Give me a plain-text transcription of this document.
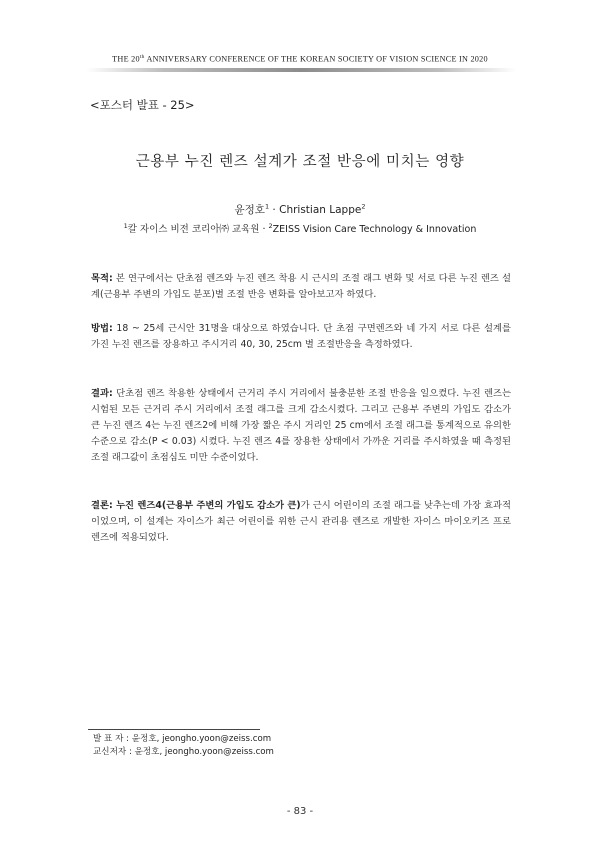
THE 20th ANNIVERSARY CONFERENCE OF THE KOREAN SOCIETY OF VISION SCIENCE IN 2020
<포스터 발표 - 25>
근용부 누진 렌즈 설계가 조절 반응에 미치는 영향
윤정호$^1$ · Christian Lappe$^2$
$^1$칼 자이스 비전 코리아㈜ 교육원 · $^2$ZEISS Vision Care Technology & Innovation
목적: 본 연구에서는 단초점 렌즈와 누진 렌즈 착용 시 근시의 조절 래그 변화 및 서로 다른 누진 렌즈 설계(근용부 주변의 가입도 분포)별 조절 반응 변화를 알아보고자 하였다.
방법: 18 ~ 25세 근시안 31명을 대상으로 하였습니다. 단 초점 구면렌즈와 네 가지 서로 다른 설계를 가진 누진 렌즈를 장용하고 주시거리 40, 30, 25cm 별 조절반응을 측정하였다.
결과: 단초점 렌즈 착용한 상태에서 근거리 주시 거리에서 불충분한 조절 반응을 일으켰다. 누진 렌즈는 시험된 모든 근거리 주시 거리에서 조절 래그를 크게 감소시켰다. 그리고 근용부 주변의 가입도 감소가 큰 누진 렌즈 4는 누진 렌즈2에 비해 가장 짧은 주시 거리인 25 cm에서 조절 래그를 통계적으로 유의한 수준으로 감소(P < 0.03) 시켰다. 누진 렌즈 4를 장용한 상태에서 가까운 거리를 주시하였을 때 측정된 조절 래그값이 초점심도 미만 수준이었다.
결론: 누진 렌즈4(근용부 주변의 가입도 감소가 큰)가 근시 어린이의 조절 래그를 낮추는데 가장 효과적이었으며, 이 설계는 자이스가 최근 어린이를 위한 근시 관리용 렌즈로 개발한 자이스 마이오키즈 프로 렌즈에 적용되었다.
발 표 자 : 윤정호, jeongho.yoon@zeiss.com
교신저자 : 윤정호, jeongho.yoon@zeiss.com
- 83 -
